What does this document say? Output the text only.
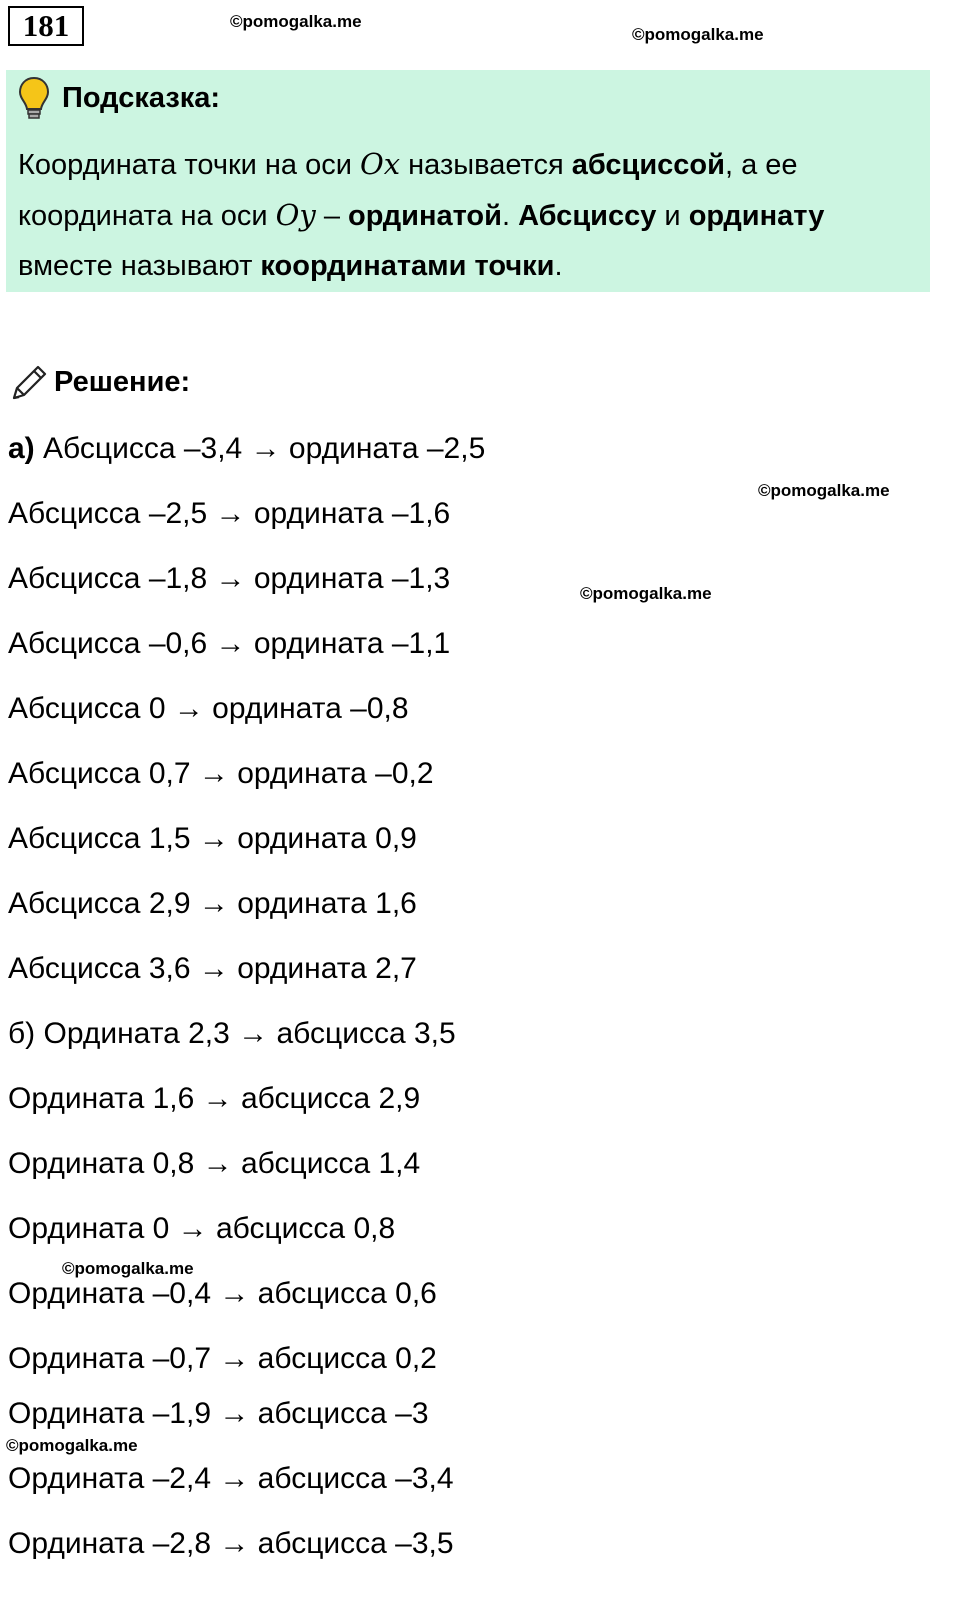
181	©pomogalka.me
©pomogalka.me
©pomogalka.me
©pomogalka.me
©pomogalka.me
©pomogalka.me
Подсказка:
Координата точки на оси Ox называется абсциссой, а ее координата на оси Oy – ординатой. Абсциссу и ординату вместе называют координатами точки.
Решение:
а) Абсцисса –3,4 → ордината –2,5
Абсцисса –2,5 → ордината –1,6
Абсцисса –1,8 → ордината –1,3
Абсцисса –0,6 → ордината –1,1
Абсцисса 0 → ордината –0,8
Абсцисса 0,7 → ордината –0,2
Абсцисса 1,5 → ордината 0,9
Абсцисса 2,9 → ордината 1,6
Абсцисса 3,6 → ордината 2,7
б) Ордината 2,3 → абсцисса 3,5
Ордината 1,6 → абсцисса 2,9
Ордината 0,8 → абсцисса 1,4
Ордината 0 → абсцисса 0,8
Ордината –0,4 → абсцисса 0,6
Ордината –0,7 → абсцисса 0,2
Ордината –1,9 → абсцисса –3
Ордината –2,4 → абсцисса –3,4
Ордината –2,8 → абсцисса –3,5
